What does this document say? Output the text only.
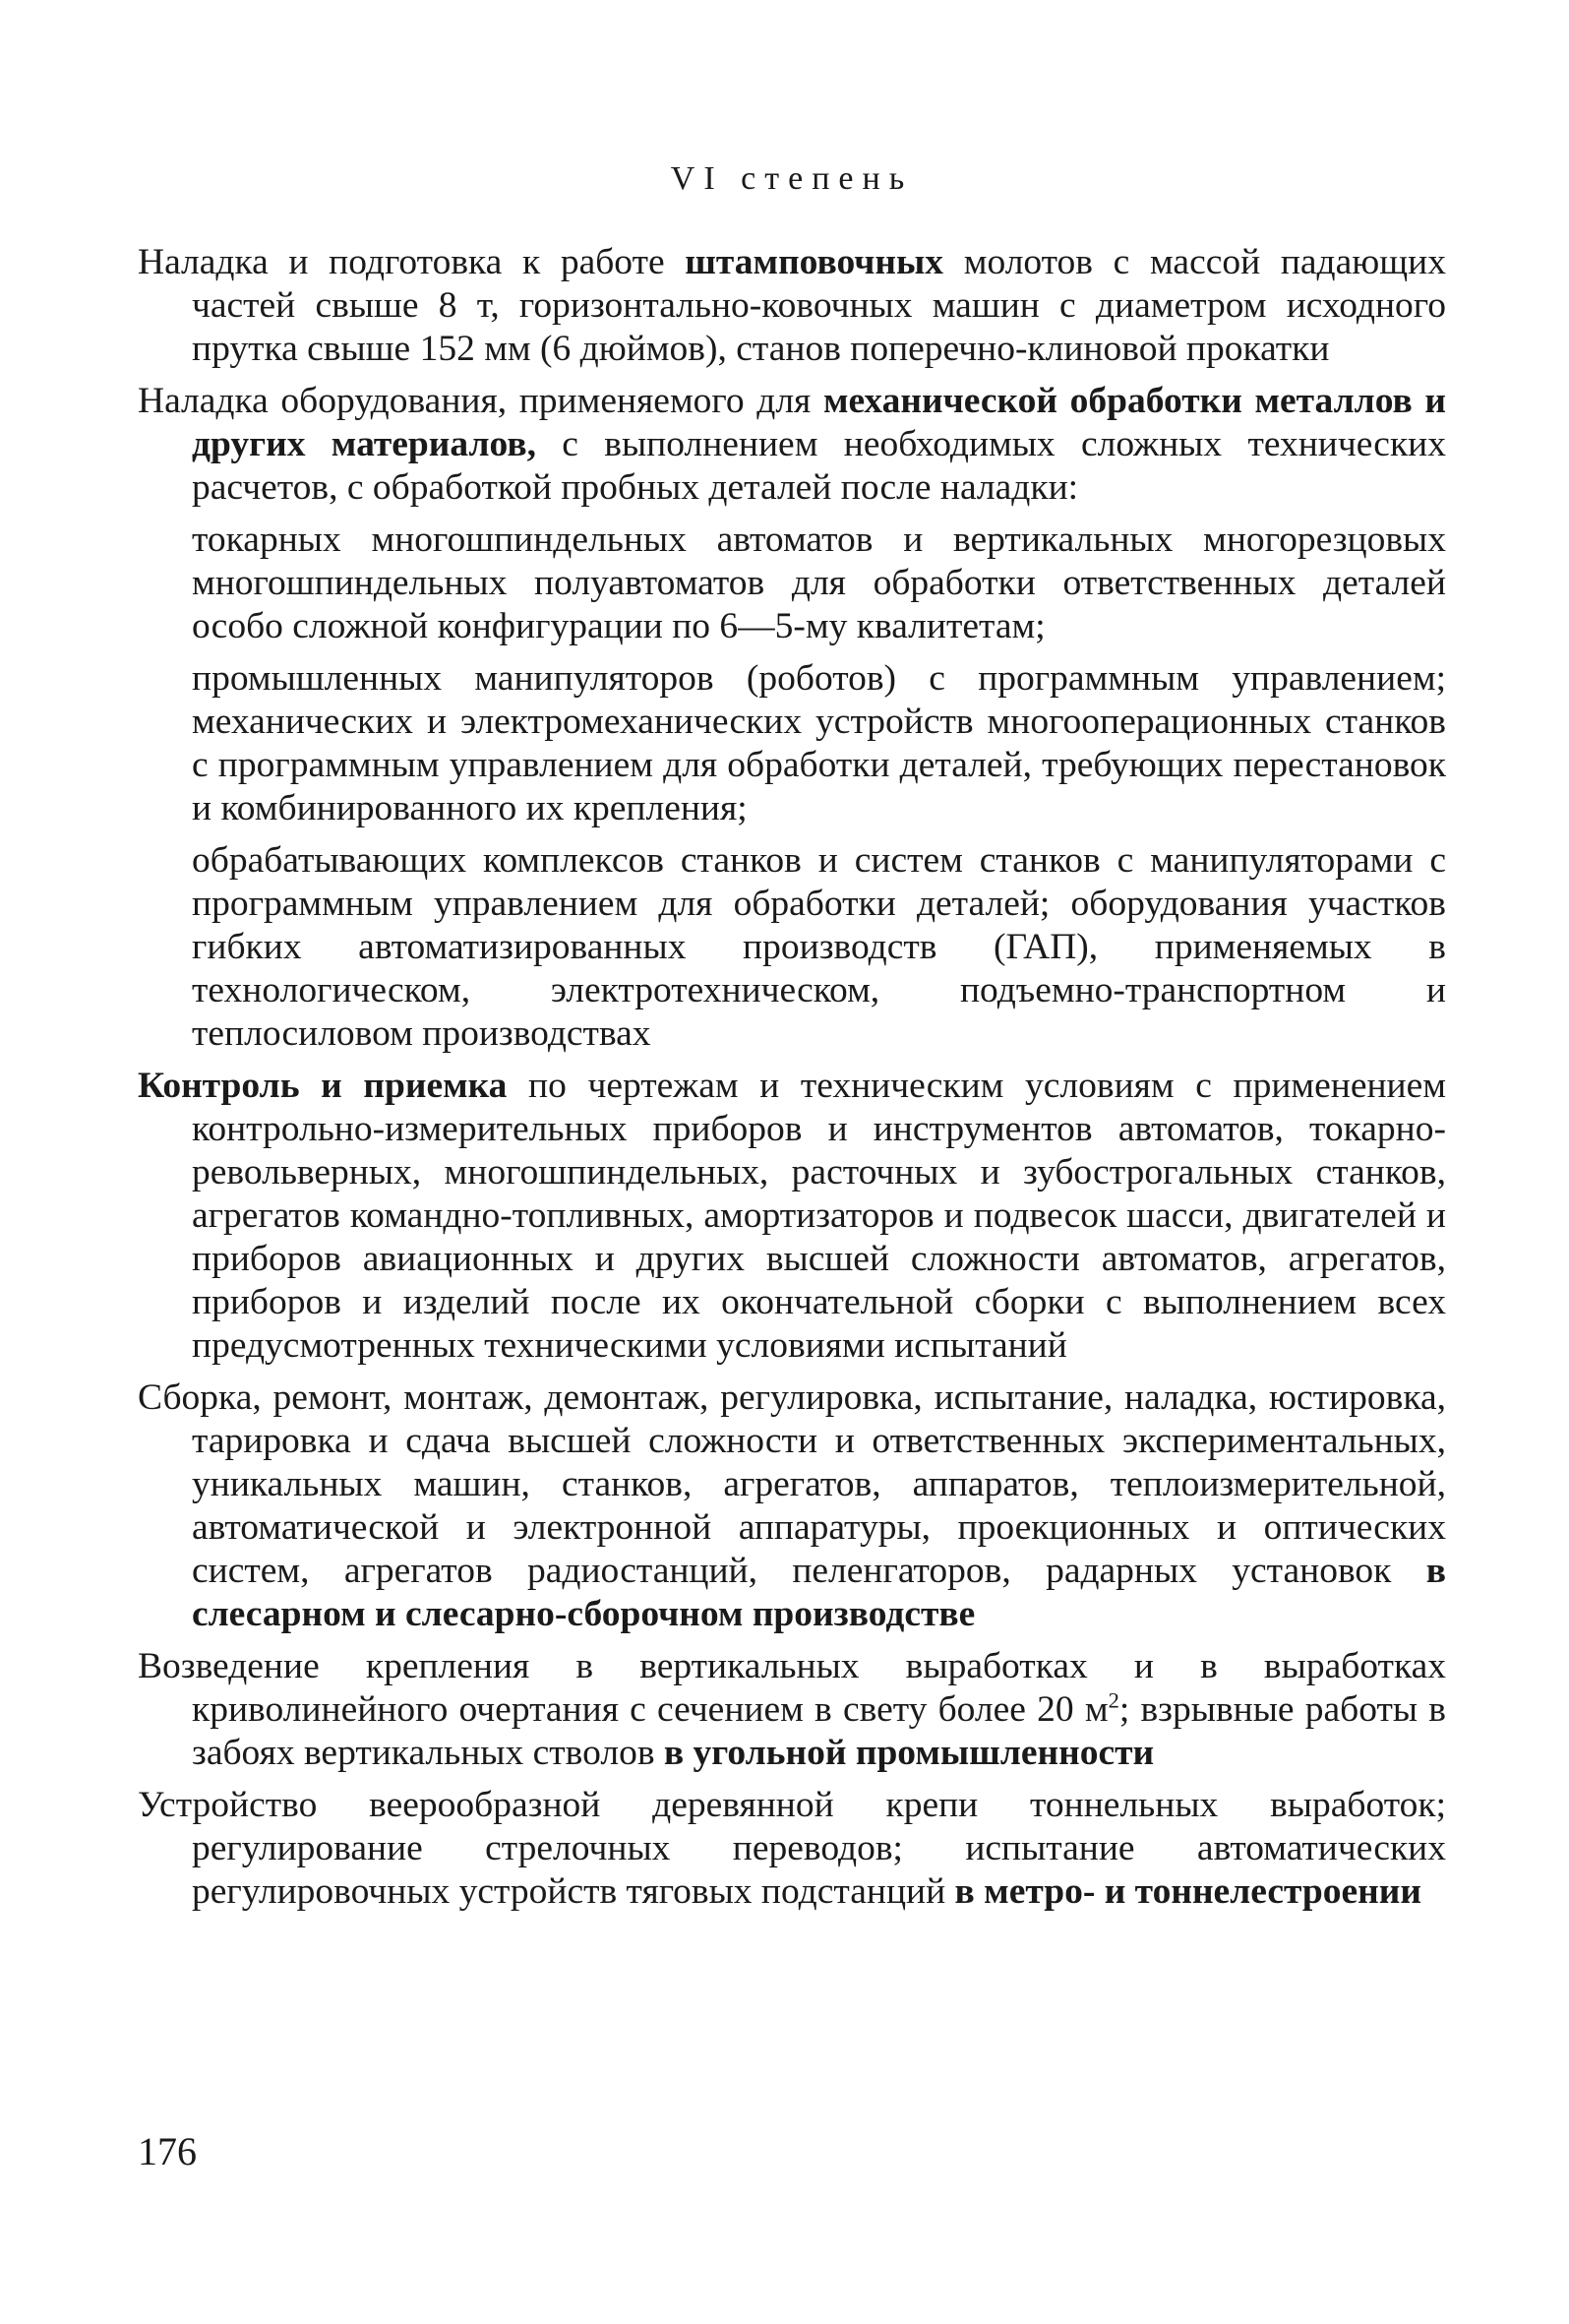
VI степень

Наладка и подготовка к работе штамповочных молотов с массой падающих частей свыше 8 т, горизонтально-ковочных машин с диаметром исходного прутка свыше 152 мм (6 дюймов), станов поперечно-клиновой прокатки

Наладка оборудования, применяемого для механической обработки металлов и других материалов, с выполнением необходимых сложных технических расчетов, с обработкой пробных деталей после наладки:

токарных многошпиндельных автоматов и вертикальных многорезцовых многошпиндельных полуавтоматов для обработки ответственных деталей особо сложной конфигурации по 6—5-му квалитетам;

промышленных манипуляторов (роботов) с программным управлением; механических и электромеханических устройств многооперационных станков с программным управлением для обработки деталей, требующих перестановок и комбинированного их крепления;

обрабатывающих комплексов станков и систем станков с манипуляторами с программным управлением для обработки деталей; оборудования участков гибких автоматизированных производств (ГАП), применяемых в технологическом, электротехническом, подъемно-транспортном и теплосиловом производствах

Контроль и приемка по чертежам и техническим условиям с применением контрольно-измерительных приборов и инструментов автоматов, токарно-револьверных, многошпиндельных, расточных и зубострогальных станков, агрегатов командно-топливных, амортизаторов и подвесок шасси, двигателей и приборов авиационных и других высшей сложности автоматов, агрегатов, приборов и изделий после их окончательной сборки с выполнением всех предусмотренных техническими условиями испытаний

Сборка, ремонт, монтаж, демонтаж, регулировка, испытание, наладка, юстировка, тарировка и сдача высшей сложности и ответственных экспериментальных, уникальных машин, станков, агрегатов, аппаратов, теплоизмерительной, автоматической и электронной аппаратуры, проекционных и оптических систем, агрегатов радиостанций, пеленгаторов, радарных установок в слесарном и слесарно-сборочном производстве

Возведение крепления в вертикальных выработках и в выработках криволинейного очертания с сечением в свету более 20 $м^2$; взрывные работы в забоях вертикальных стволов в угольной промышленности

Устройство веерообразной деревянной крепи тоннельных выработок; регулирование стрелочных переводов; испытание автоматических регулировочных устройств тяговых подстанций в метро- и тоннелестроении

176
